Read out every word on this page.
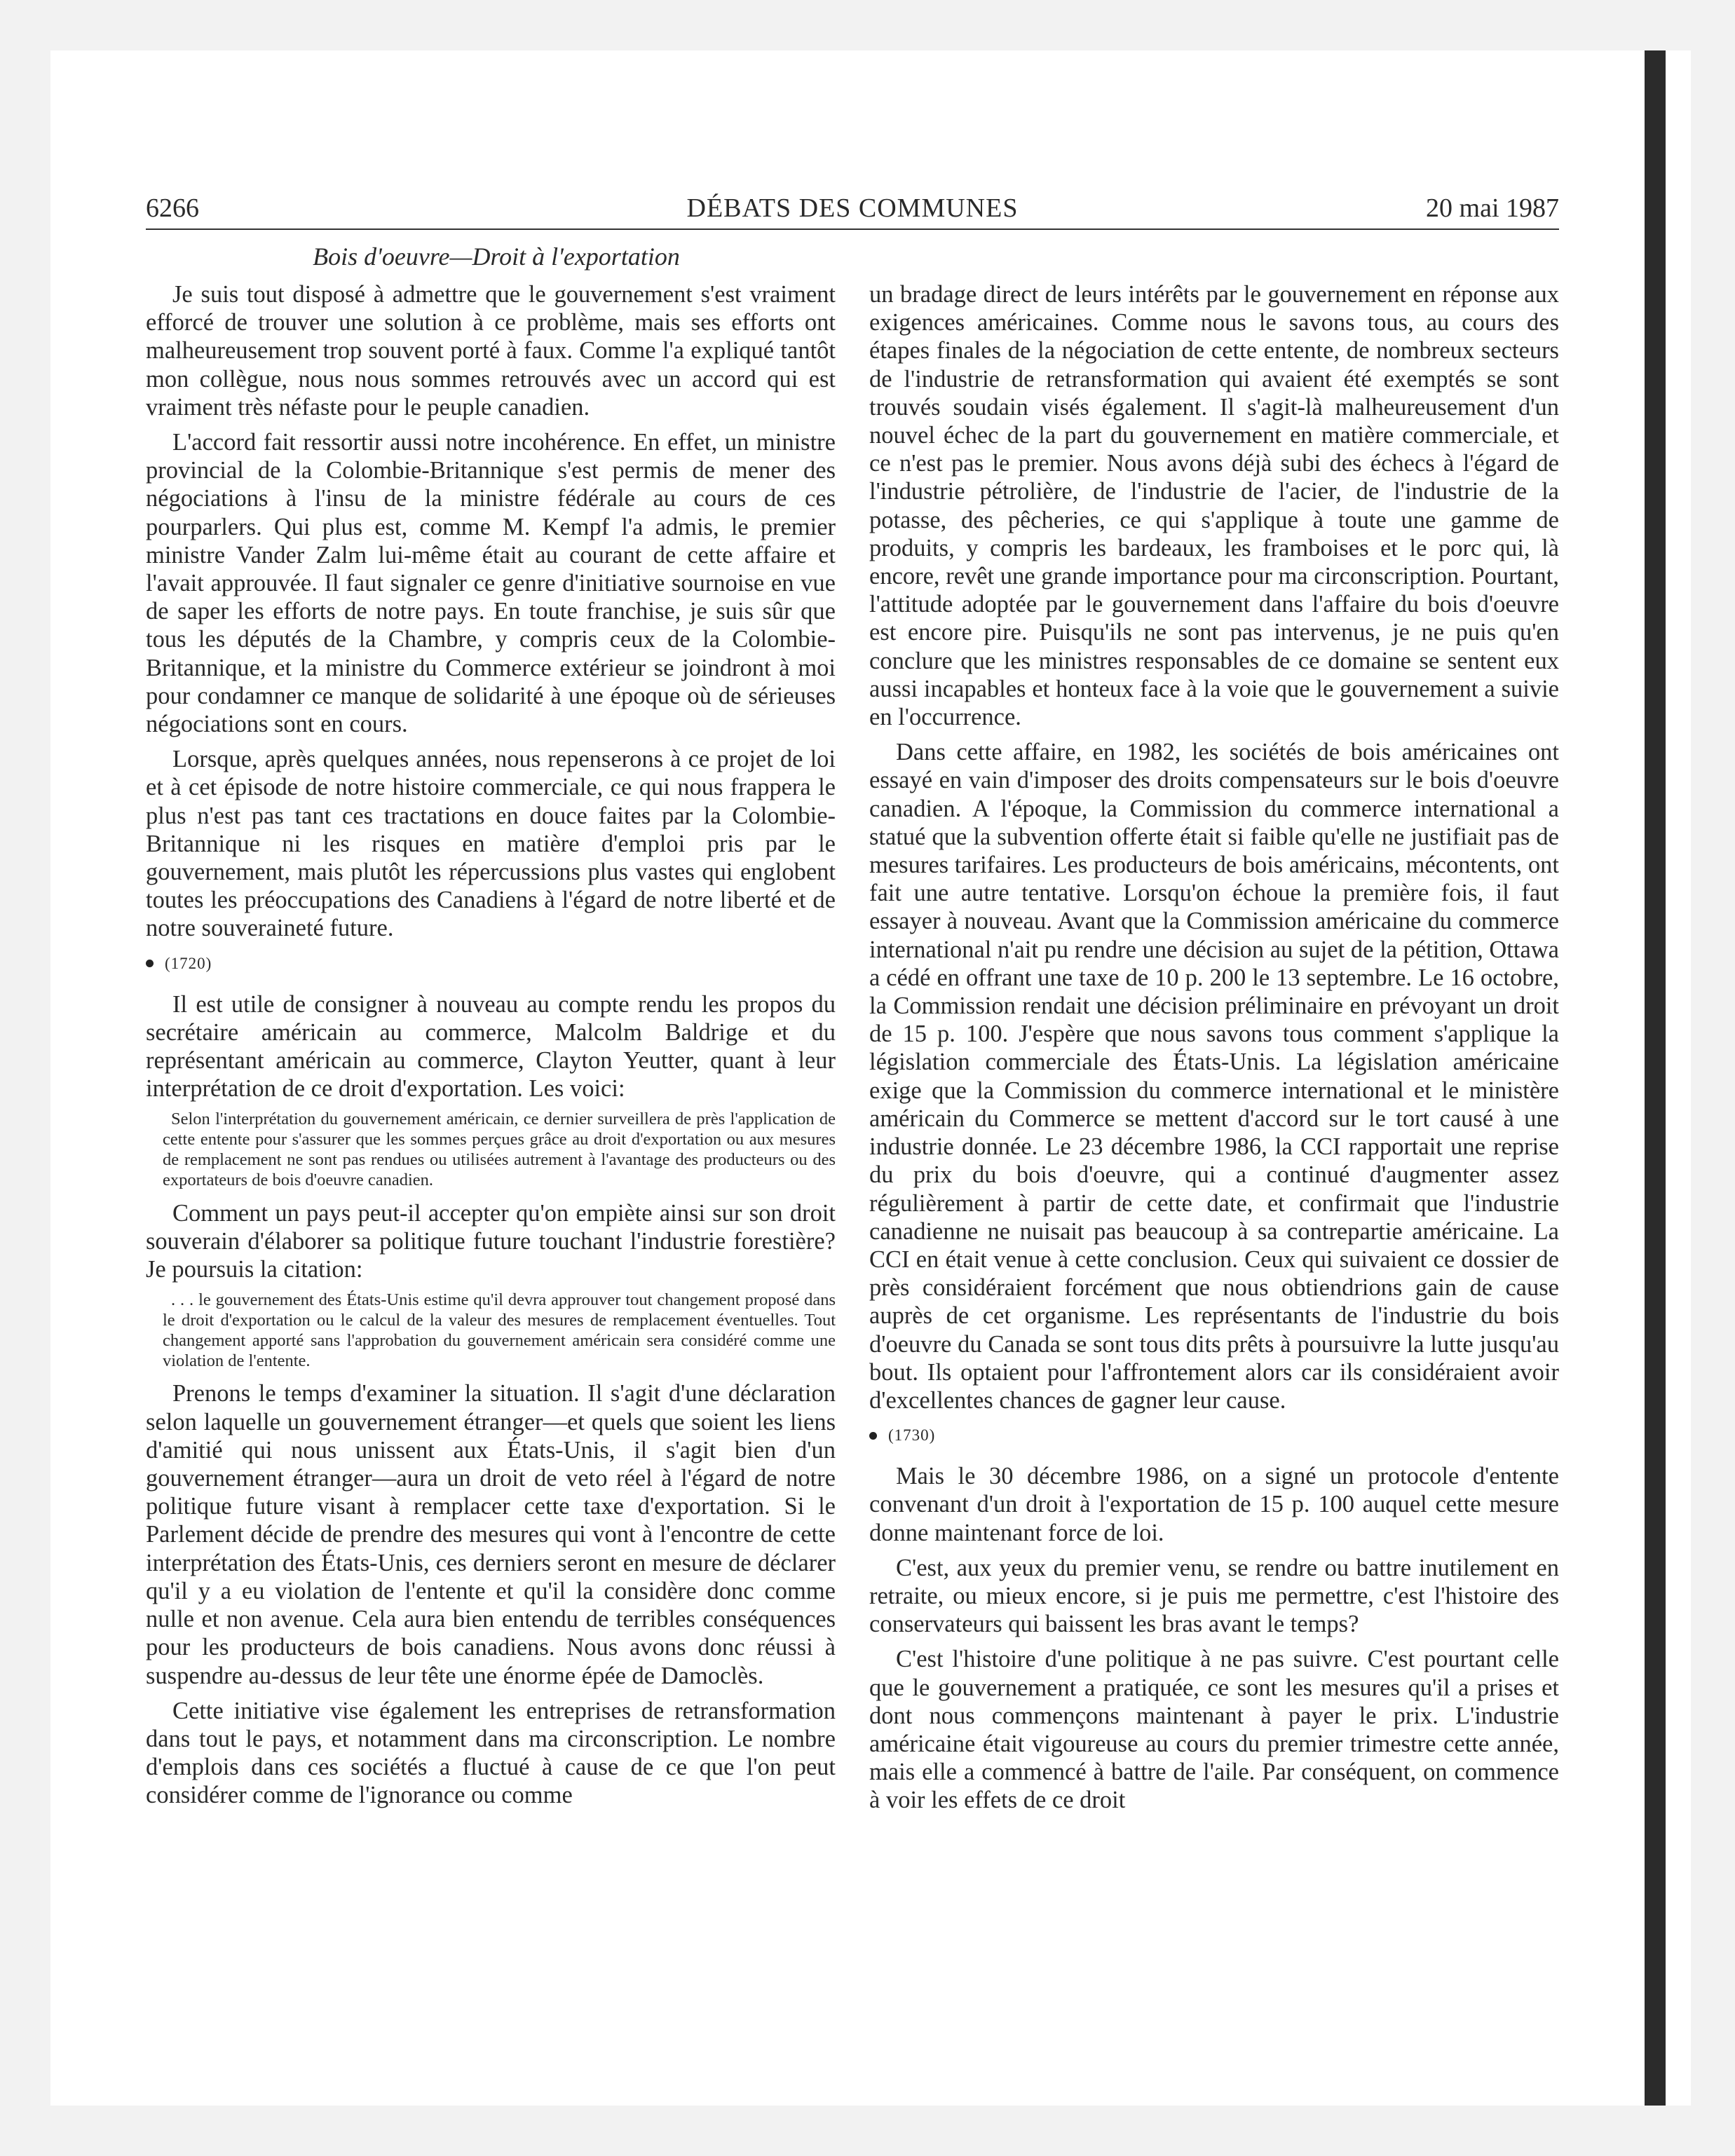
6266	DÉBATS DES COMMUNES	20 mai 1987
Bois d'oeuvre—Droit à l'exportation

Je suis tout disposé à admettre que le gouvernement s'est vraiment efforcé de trouver une solution à ce problème, mais ses efforts ont malheureusement trop souvent porté à faux. Comme l'a expliqué tantôt mon collègue, nous nous sommes retrouvés avec un accord qui est vraiment très néfaste pour le peuple canadien.

L'accord fait ressortir aussi notre incohérence. En effet, un ministre provincial de la Colombie-Britannique s'est permis de mener des négociations à l'insu de la ministre fédérale au cours de ces pourparlers. Qui plus est, comme M. Kempf l'a admis, le premier ministre Vander Zalm lui-même était au courant de cette affaire et l'avait approuvée. Il faut signaler ce genre d'initiative sournoise en vue de saper les efforts de notre pays. En toute franchise, je suis sûr que tous les députés de la Chambre, y compris ceux de la Colombie-Britannique, et la ministre du Commerce extérieur se joindront à moi pour condamner ce manque de solidarité à une époque où de sérieuses négociations sont en cours.

Lorsque, après quelques années, nous repenserons à ce projet de loi et à cet épisode de notre histoire commerciale, ce qui nous frappera le plus n'est pas tant ces tractations en douce faites par la Colombie-Britannique ni les risques en matière d'emploi pris par le gouvernement, mais plutôt les répercussions plus vastes qui englobent toutes les préoccupations des Canadiens à l'égard de notre liberté et de notre souveraineté future.

(1720)

Il est utile de consigner à nouveau au compte rendu les propos du secrétaire américain au commerce, Malcolm Baldrige et du représentant américain au commerce, Clayton Yeutter, quant à leur interprétation de ce droit d'exportation. Les voici:

Selon l'interprétation du gouvernement américain, ce dernier surveillera de près l'application de cette entente pour s'assurer que les sommes perçues grâce au droit d'exportation ou aux mesures de remplacement ne sont pas rendues ou utilisées autrement à l'avantage des producteurs ou des exportateurs de bois d'oeuvre canadien.

Comment un pays peut-il accepter qu'on empiète ainsi sur son droit souverain d'élaborer sa politique future touchant l'industrie forestière? Je poursuis la citation:

. . . le gouvernement des États-Unis estime qu'il devra approuver tout changement proposé dans le droit d'exportation ou le calcul de la valeur des mesures de remplacement éventuelles. Tout changement apporté sans l'approbation du gouvernement américain sera considéré comme une violation de l'entente.

Prenons le temps d'examiner la situation. Il s'agit d'une déclaration selon laquelle un gouvernement étranger—et quels que soient les liens d'amitié qui nous unissent aux États-Unis, il s'agit bien d'un gouvernement étranger—aura un droit de veto réel à l'égard de notre politique future visant à remplacer cette taxe d'exportation. Si le Parlement décide de prendre des mesures qui vont à l'encontre de cette interprétation des États-Unis, ces derniers seront en mesure de déclarer qu'il y a eu violation de l'entente et qu'il la considère donc comme nulle et non avenue. Cela aura bien entendu de terribles conséquences pour les producteurs de bois canadiens. Nous avons donc réussi à suspendre au-dessus de leur tête une énorme épée de Damoclès.

Cette initiative vise également les entreprises de retransformation dans tout le pays, et notamment dans ma circonscription. Le nombre d'emplois dans ces sociétés a fluctué à cause de ce que l'on peut considérer comme de l'ignorance ou comme

un bradage direct de leurs intérêts par le gouvernement en réponse aux exigences américaines. Comme nous le savons tous, au cours des étapes finales de la négociation de cette entente, de nombreux secteurs de l'industrie de retransformation qui avaient été exemptés se sont trouvés soudain visés également. Il s'agit-là malheureusement d'un nouvel échec de la part du gouvernement en matière commerciale, et ce n'est pas le premier. Nous avons déjà subi des échecs à l'égard de l'industrie pétrolière, de l'industrie de l'acier, de l'industrie de la potasse, des pêcheries, ce qui s'applique à toute une gamme de produits, y compris les bardeaux, les framboises et le porc qui, là encore, revêt une grande importance pour ma circonscription. Pourtant, l'attitude adoptée par le gouvernement dans l'affaire du bois d'oeuvre est encore pire. Puisqu'ils ne sont pas intervenus, je ne puis qu'en conclure que les ministres responsables de ce domaine se sentent eux aussi incapables et honteux face à la voie que le gouvernement a suivie en l'occurrence.

Dans cette affaire, en 1982, les sociétés de bois américaines ont essayé en vain d'imposer des droits compensateurs sur le bois d'oeuvre canadien. A l'époque, la Commission du commerce international a statué que la subvention offerte était si faible qu'elle ne justifiait pas de mesures tarifaires. Les producteurs de bois américains, mécontents, ont fait une autre tentative. Lorsqu'on échoue la première fois, il faut essayer à nouveau. Avant que la Commission américaine du commerce international n'ait pu rendre une décision au sujet de la pétition, Ottawa a cédé en offrant une taxe de 10 p. 200 le 13 septembre. Le 16 octobre, la Commission rendait une décision préliminaire en prévoyant un droit de 15 p. 100. J'espère que nous savons tous comment s'applique la législation commerciale des États-Unis. La législation américaine exige que la Commission du commerce international et le ministère américain du Commerce se mettent d'accord sur le tort causé à une industrie donnée. Le 23 décembre 1986, la CCI rapportait une reprise du prix du bois d'oeuvre, qui a continué d'augmenter assez régulièrement à partir de cette date, et confirmait que l'industrie canadienne ne nuisait pas beaucoup à sa contrepartie américaine. La CCI en était venue à cette conclusion. Ceux qui suivaient ce dossier de près considéraient forcément que nous obtiendrions gain de cause auprès de cet organisme. Les représentants de l'industrie du bois d'oeuvre du Canada se sont tous dits prêts à poursuivre la lutte jusqu'au bout. Ils optaient pour l'affrontement alors car ils considéraient avoir d'excellentes chances de gagner leur cause.

(1730)

Mais le 30 décembre 1986, on a signé un protocole d'entente convenant d'un droit à l'exportation de 15 p. 100 auquel cette mesure donne maintenant force de loi.

C'est, aux yeux du premier venu, se rendre ou battre inutilement en retraite, ou mieux encore, si je puis me permettre, c'est l'histoire des conservateurs qui baissent les bras avant le temps?

C'est l'histoire d'une politique à ne pas suivre. C'est pourtant celle que le gouvernement a pratiquée, ce sont les mesures qu'il a prises et dont nous commençons maintenant à payer le prix. L'industrie américaine était vigoureuse au cours du premier trimestre cette année, mais elle a commencé à battre de l'aile. Par conséquent, on commence à voir les effets de ce droit
